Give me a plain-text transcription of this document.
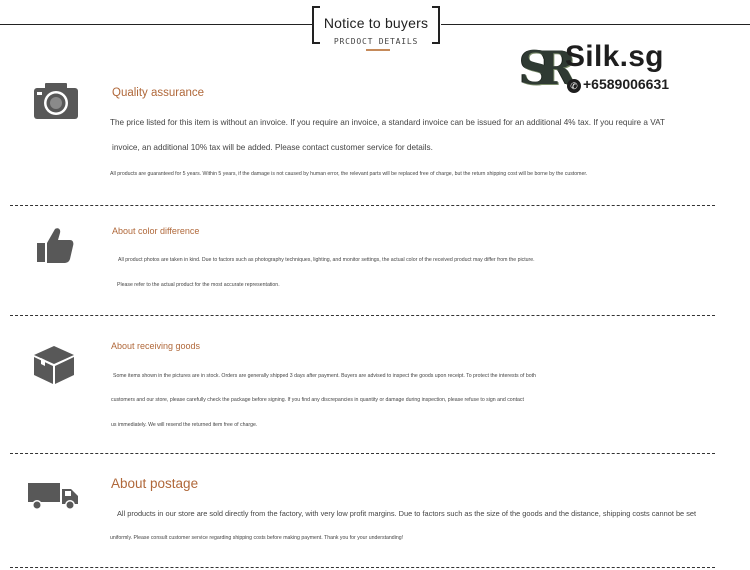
Notice to buyers
PRCDOCT DETAILS	SR Silk.sg
✆ +6589006631
Quality assurance
The price listed for this item is without an invoice. If you require an invoice, a standard invoice can be issued for an additional 4% tax. If you require a VAT
invoice, an additional 10% tax will be added. Please contact customer service for details.
All products are guaranteed for 5 years. Within 5 years, if the damage is not caused by human error, the relevant parts will be replaced free of charge, but the return shipping cost will be borne by the customer.
About color difference
All product photos are taken in kind. Due to factors such as photography techniques, lighting, and monitor settings, the actual color of the received product may differ from the picture.
Please refer to the actual product for the most accurate representation.
About receiving goods
Some items shown in the pictures are in stock. Orders are generally shipped 3 days after payment. Buyers are advised to inspect the goods upon receipt. To protect the interests of both
customers and our store, please carefully check the package before signing. If you find any discrepancies in quantity or damage during inspection, please refuse to sign and contact
us immediately. We will resend the returned item free of charge.
About postage
All products in our store are sold directly from the factory, with very low profit margins. Due to factors such as the size of the goods and the distance, shipping costs cannot be set
uniformly. Please consult customer service regarding shipping costs before making payment. Thank you for your understanding!
